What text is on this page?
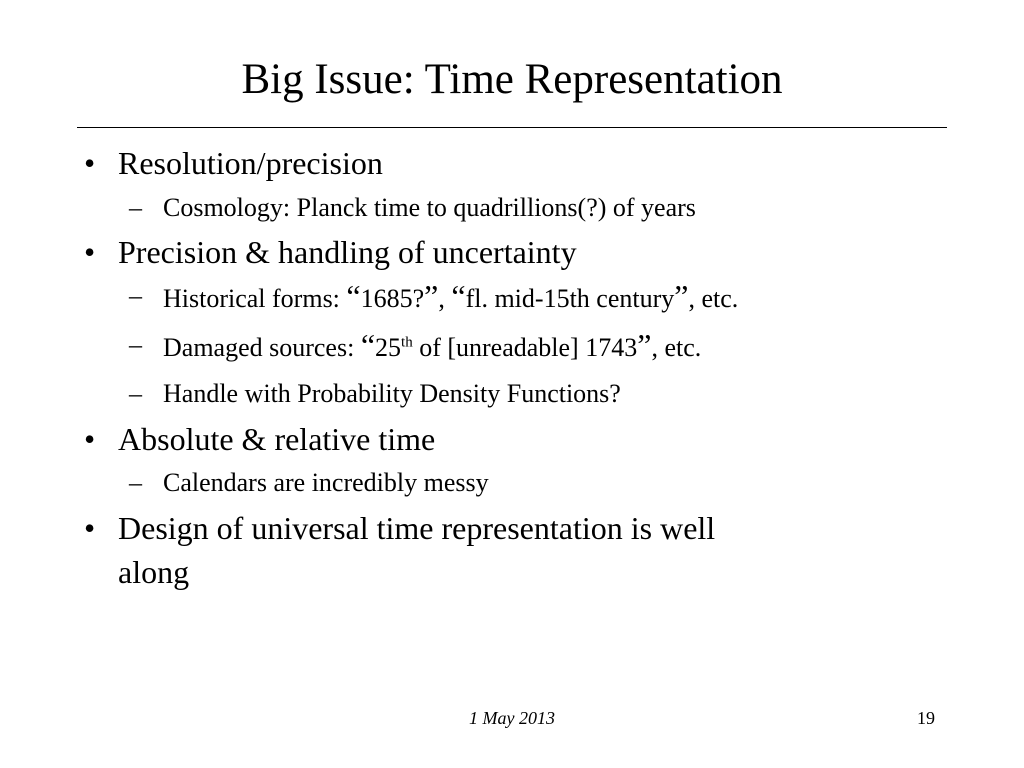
Big Issue: Time Representation
• Resolution/precision
– Cosmology: Planck time to quadrillions(?) of years
• Precision & handling of uncertainty
– Historical forms: “1685?”, “fl. mid-15th century”, etc.
– Damaged sources: “25th of [unreadable] 1743”, etc.
– Handle with Probability Density Functions?
• Absolute & relative time
– Calendars are incredibly messy
• Design of universal time representation is well
along
1 May 2013	19
